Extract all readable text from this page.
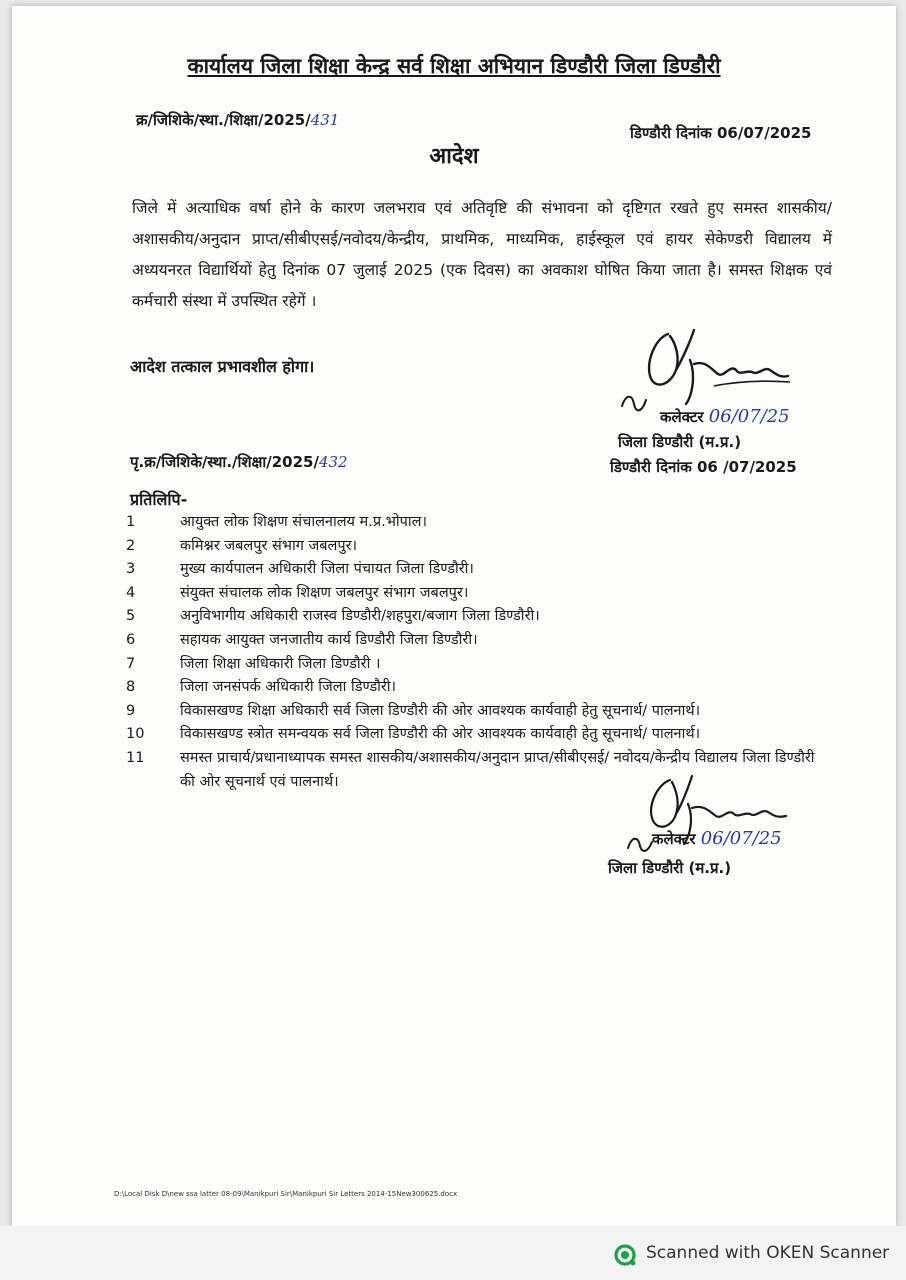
कार्यालय जिला शिक्षा केन्द्र सर्व शिक्षा अभियान डिण्डौरी जिला डिण्डौरी
क्र/जिशिके/स्था./शिक्षा/2025/431
डिण्डौरी दिनांक 06/07/2025
आदेश
जिले में अत्याधिक वर्षा होने के कारण जलभराव एवं अतिवृष्टि की संभावना को दृष्टिगत रखते हुए समस्त शासकीय/ अशासकीय/अनुदान प्राप्त/सीबीएसई/नवोदय/केन्द्रीय, प्राथमिक, माध्यमिक, हाईस्कूल एवं हायर सेकेण्डरी विद्यालय में अध्ययनरत विद्यार्थियों हेतु दिनांक 07 जुलाई 2025 (एक दिवस) का अवकाश घोषित किया जाता है। समस्त शिक्षक एवं कर्मचारी संस्था में उपस्थित रहेगें ।
आदेश तत्काल प्रभावशील होगा।
कलेक्टर 06/07/25
जिला डिण्डौरी (म.प्र.)
पृ.क्र/जिशिके/स्था./शिक्षा/2025/432	डिण्डौरी दिनांक 06 /07/2025
प्रतिलिपि-
1	आयुक्त लोक शिक्षण संचालनालय म.प्र.भोपाल।
2	कमिश्नर जबलपुर संभाग जबलपुर।
3	मुख्य कार्यपालन अधिकारी जिला पंचायत जिला डिण्डौरी।
4	संयुक्त संचालक लोक शिक्षण जबलपुर संभाग जबलपुर।
5	अनुविभागीय अधिकारी राजस्व डिण्डौरी/शहपुरा/बजाग जिला डिण्डौरी।
6	सहायक आयुक्त जनजातीय कार्य डिण्डौरी जिला डिण्डौरी।
7	जिला शिक्षा अधिकारी जिला डिण्डौरी ।
8	जिला जनसंपर्क अधिकारी जिला डिण्डौरी।
9	विकासखण्ड शिक्षा अधिकारी सर्व जिला डिण्डौरी की ओर आवश्यक कार्यवाही हेतु सूचनार्थ/ पालनार्थ।
10	विकासखण्ड स्त्रोत समन्वयक सर्व जिला डिण्डौरी की ओर आवश्यक कार्यवाही हेतु सूचनार्थ/ पालनार्थ।
11	समस्त प्राचार्य/प्रधानाध्यापक समस्त शासकीय/अशासकीय/अनुदान प्राप्त/सीबीएसई/ नवोदय/केन्द्रीय विद्यालय जिला डिण्डौरी की ओर सूचनार्थ एवं पालनार्थ।
कलेक्टर 06/07/25
जिला डिण्डौरी (म.प्र.)
D:\Local Disk D\new ssa latter 08-09\Manikpuri Sir\Manikpuri Sir Letters 2014-15New300625.docx
Scanned with OKEN Scanner
